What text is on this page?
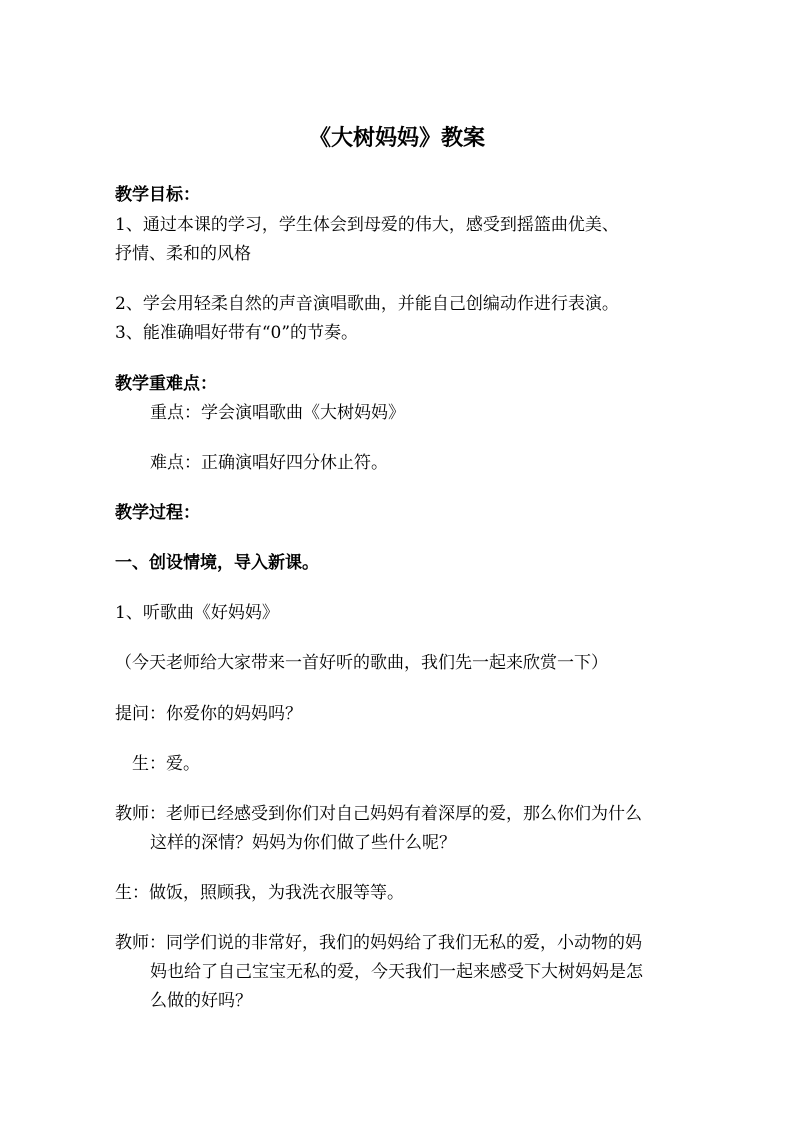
《大树妈妈》教案

教学目标：

1、通过本课的学习，学生体会到母爱的伟大，感受到摇篮曲优美、

抒情、柔和的风格

2、学会用轻柔自然的声音演唱歌曲，并能自己创编动作进行表演。

3、能准确唱好带有“0”的节奏。

教学重难点：

重点：学会演唱歌曲《大树妈妈》

难点：正确演唱好四分休止符。

教学过程：

一、创设情境，导入新课。

1、听歌曲《好妈妈》

（今天老师给大家带来一首好听的歌曲，我们先一起来欣赏一下）

提问：你爱你的妈妈吗？

生：爱。

教师：老师已经感受到你们对自己妈妈有着深厚的爱，那么你们为什么

这样的深情？妈妈为你们做了些什么呢？

生：做饭，照顾我，为我洗衣服等等。

教师：同学们说的非常好，我们的妈妈给了我们无私的爱，小动物的妈

妈也给了自己宝宝无私的爱，今天我们一起来感受下大树妈妈是怎

么做的好吗？
